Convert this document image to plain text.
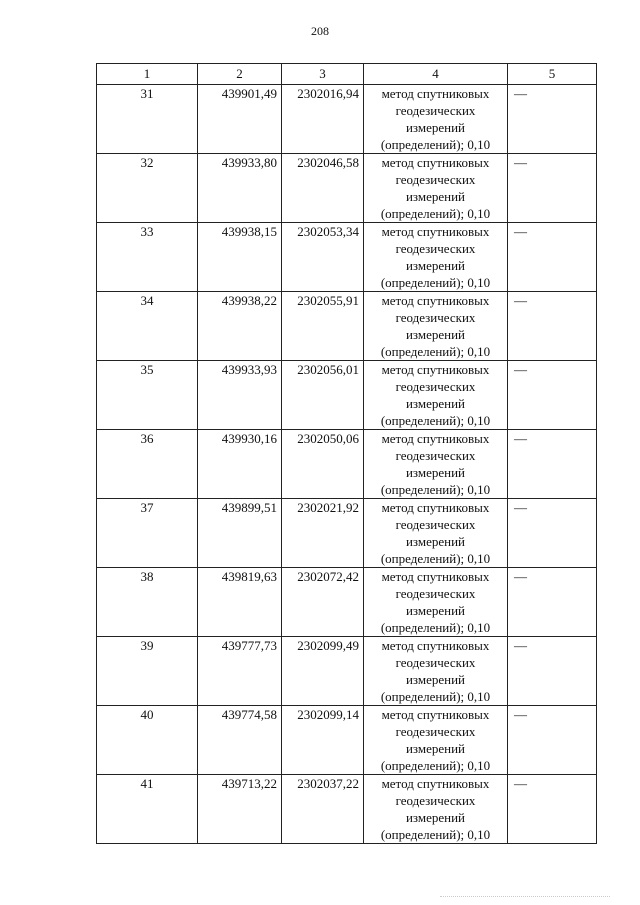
208
1	2	3	4	5
31	439901,49	2302016,94	метод спутниковых
геодезических
измерений
(определений); 0,10	—
32	439933,80	2302046,58	метод спутниковых
геодезических
измерений
(определений); 0,10	—
33	439938,15	2302053,34	метод спутниковых
геодезических
измерений
(определений); 0,10	—
34	439938,22	2302055,91	метод спутниковых
геодезических
измерений
(определений); 0,10	—
35	439933,93	2302056,01	метод спутниковых
геодезических
измерений
(определений); 0,10	—
36	439930,16	2302050,06	метод спутниковых
геодезических
измерений
(определений); 0,10	—
37	439899,51	2302021,92	метод спутниковых
геодезических
измерений
(определений); 0,10	—
38	439819,63	2302072,42	метод спутниковых
геодезических
измерений
(определений); 0,10	—
39	439777,73	2302099,49	метод спутниковых
геодезических
измерений
(определений); 0,10	—
40	439774,58	2302099,14	метод спутниковых
геодезических
измерений
(определений); 0,10	—
41	439713,22	2302037,22	метод спутниковых
геодезических
измерений
(определений); 0,10	—
